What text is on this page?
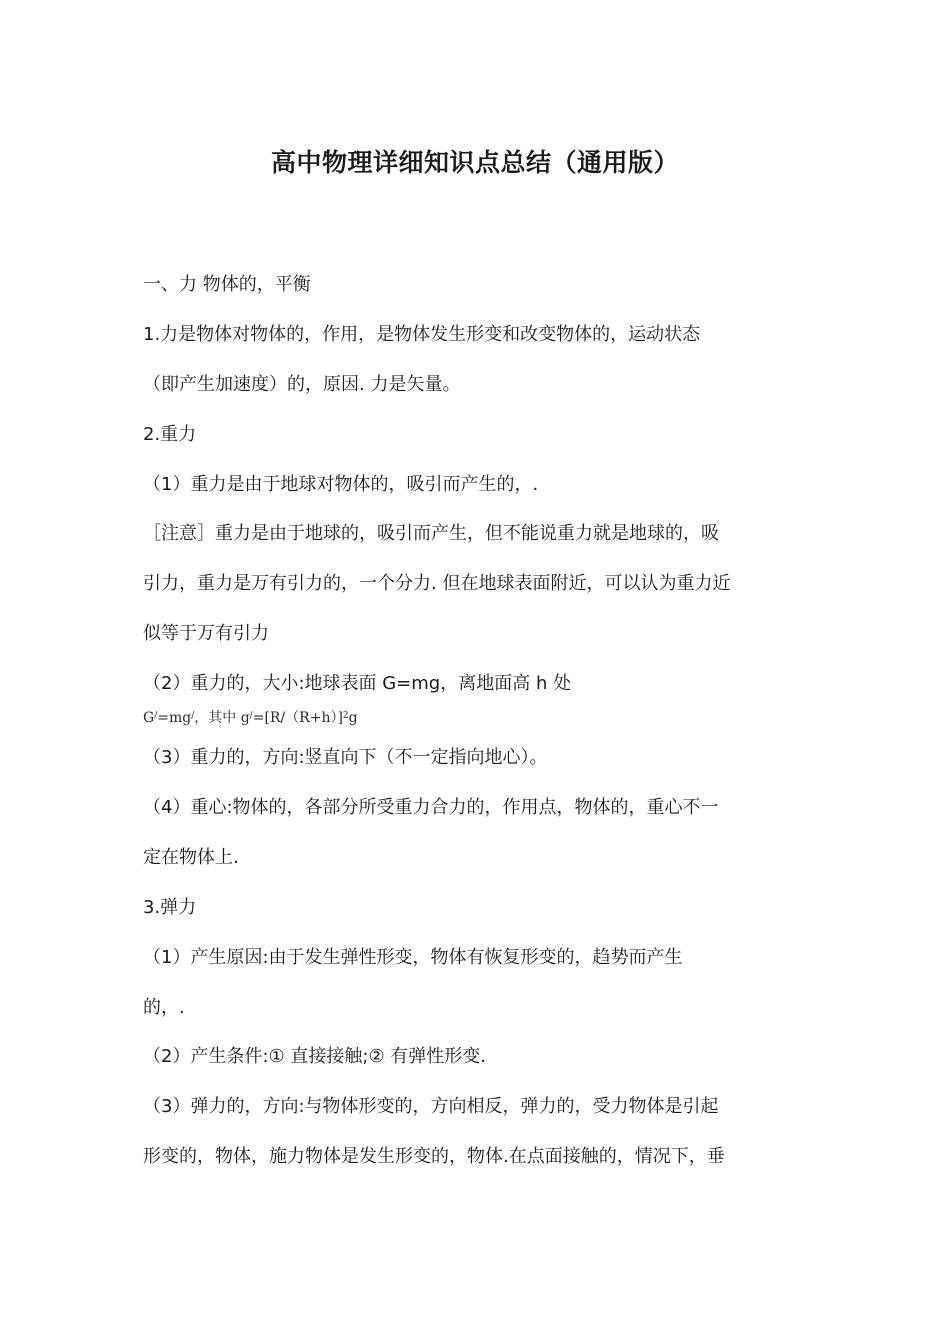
高中物理详细知识点总结（通用版）
一、力 物体的，平衡
1.力是物体对物体的，作用，是物体发生形变和改变物体的，运动状态
（即产生加速度）的，原因. 力是矢量。
2.重力
（1）重力是由于地球对物体的，吸引而产生的，.
［注意］重力是由于地球的，吸引而产生，但不能说重力就是地球的，吸
引力，重力是万有引力的，一个分力. 但在地球表面附近，可以认为重力近
似等于万有引力
（2）重力的，大小:地球表面 G=mg，离地面高 h 处
G/=mg/，其中 $g^/=[R/(R+h)]^2g$
（3）重力的，方向:竖直向下（不一定指向地心）。
（4）重心:物体的，各部分所受重力合力的，作用点，物体的，重心不一
定在物体上.
3.弹力
（1）产生原因:由于发生弹性形变，物体有恢复形变的，趋势而产生
的，.
（2）产生条件:① 直接接触;② 有弹性形变.
（3）弹力的，方向:与物体形变的，方向相反，弹力的，受力物体是引起
形变的，物体，施力物体是发生形变的，物体.在点面接触的，情况下，垂
